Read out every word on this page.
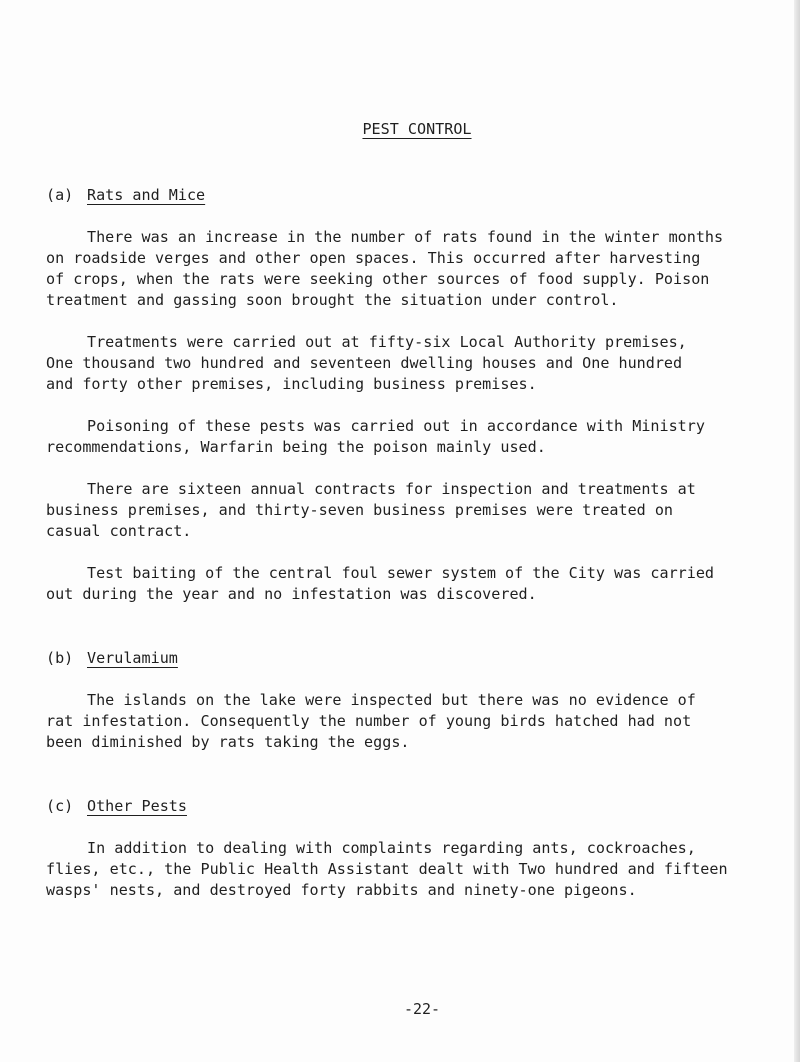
PEST CONTROL
(a) Rats and Mice
There was an increase in the number of rats found in the winter months
on roadside verges and other open spaces. This occurred after harvesting
of crops, when the rats were seeking other sources of food supply. Poison
treatment and gassing soon brought the situation under control.
Treatments were carried out at fifty-six Local Authority premises,
One thousand two hundred and seventeen dwelling houses and One hundred
and forty other premises, including business premises.
Poisoning of these pests was carried out in accordance with Ministry
recommendations, Warfarin being the poison mainly used.
There are sixteen annual contracts for inspection and treatments at
business premises, and thirty-seven business premises were treated on
casual contract.
Test baiting of the central foul sewer system of the City was carried
out during the year and no infestation was discovered.
(b) Verulamium
The islands on the lake were inspected but there was no evidence of
rat infestation. Consequently the number of young birds hatched had not
been diminished by rats taking the eggs.
(c) Other Pests
In addition to dealing with complaints regarding ants, cockroaches,
flies, etc., the Public Health Assistant dealt with Two hundred and fifteen
wasps' nests, and destroyed forty rabbits and ninety-one pigeons.
-22-
